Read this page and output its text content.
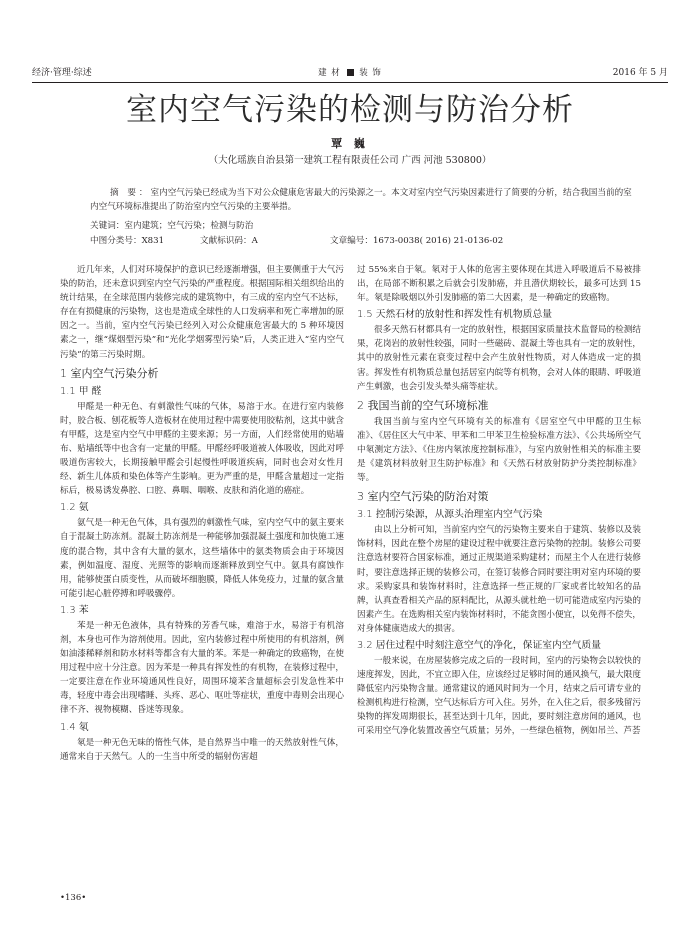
经济·管理·综述	建 材 装 饰	2016 年 5 月
室内空气污染的检测与防治分析
覃 巍
（大化瑶族自治县第一建筑工程有限责任公司 广西 河池 530800）
摘 要：室内空气污染已经成为当下对公众健康危害最大的污染源之一。本文对室内空气污染因素进行了简要的分析，结合我国当前的室内空气环境标准提出了防治室内空气污染的主要举措。
关键词：室内建筑；空气污染；检测与防治
中图分类号：X831	文献标识码：A	文章编号：1673-0038( 2016) 21-0136-02

近几年来，人们对环境保护的意识已经逐渐增强，但主要侧重于大气污染的防治，还未意识到室内空气污染的严重程度。根据国际相关组织给出的统计结果，在全球范围内装修完成的建筑物中，有三成的室内空气不达标，存在有损健康的污染物，这也是造成全球性的人口发病率和死亡率增加的原因之一。当前，室内空气污染已经列入对公众健康危害最大的 5 种环境因素之一，继“煤烟型污染”和“光化学烟雾型污染”后，人类正进入“室内空气污染”的第三污染时期。

1 室内空气污染分析
1.1 甲 醛

甲醛是一种无色、有刺激性气味的气体，易溶于水。在进行室内装修时，胶合板、刨花板等人造板材在使用过程中需要使用胶粘剂，这其中就含有甲醛，这是室内空气中甲醛的主要来源；另一方面，人们经常使用的贴墙布、贴墙纸等中也含有一定量的甲醛。甲醛经呼吸道被人体吸收，因此对呼吸道伤害较大，长期接触甲醛会引起慢性呼吸道疾病，同时也会对女性月经、新生儿体质和染色体等产生影响。更为严重的是，甲醛含量超过一定指标后，极易诱发鼻腔、口腔、鼻咽、咽喉、皮肤和消化道的癌症。

1.2 氨

氨气是一种无色气体，具有强烈的刺激性气味，室内空气中的氨主要来自于混凝土防冻剂。混凝土防冻剂是一种能够加强混凝土强度和加快施工速度的混合物，其中含有大量的氨水，这些墙体中的氨类物质会由于环境因素，例如温度、湿度、光照等的影响而逐渐释放到空气中。氨具有腐蚀作用，能够使蛋白质变性，从而破坏细胞膜，降低人体免疫力，过量的氨含量可能引起心脏停搏和呼吸骤停。

1.3 苯

苯是一种无色液体，具有特殊的芳香气味，难溶于水，易溶于有机溶剂，本身也可作为溶剂使用。因此，室内装修过程中所使用的有机溶剂，例如油漆稀释剂和防水材料等都含有大量的苯。苯是一种确定的致癌物，在使用过程中应十分注意。因为苯是一种具有挥发性的有机物，在装修过程中，一定要注意在作业环境通风性良好，周围环境苯含量超标会引发急性苯中毒，轻度中毒会出现嗜睡、头疼、恶心、呕吐等症状，重度中毒则会出现心律不齐、视物模糊、昏迷等现象。

1.4 氡

氡是一种无色无味的惰性气体，是自然界当中唯一的天然放射性气体，通常来自于天然气。人的一生当中所受的辐射伤害超

过 55%来自于氡。氡对于人体的危害主要体现在其进入呼吸道后不易被排出，在局部不断积累之后就会引发肺癌，并且潜伏期较长，最多可达到 15 年。氡是除吸烟以外引发肺癌的第二大因素，是一种确定的致癌物。

1.5 天然石材的放射性和挥发性有机物质总量

很多天然石材都具有一定的放射性，根据国家质量技术监督局的检测结果，花岗岩的放射性较强，同时一些磁砖、混凝土等也具有一定的放射性，其中的放射性元素在衰变过程中会产生放射性物质，对人体造成一定的损害。挥发性有机物质总量包括居室内皖等有机物，会对人体的眼睛、呼吸道产生刺激，也会引发头晕头痛等症状。

2 我国当前的空气环境标准

我国当前与室内空气环境有关的标准有《居室空气中甲醛的卫生标准》、《居住区大气中苯、甲苯和二甲苯卫生检验标准方法》、《公共场所空气中氡测定方法》、《住房内氡浓度控制标准》，与室内放射性相关的标准主要是《建筑材料放射卫生防护标准》和《天然石材放射防护分类控制标准》等。

3 室内空气污染的防治对策
3.1 控制污染源，从源头治理室内空气污染

由以上分析可知，当前室内空气的污染物主要来自于建筑、装修以及装饰材料，因此在整个房屋的建设过程中就要注意污染物的控制。装修公司要注意选材要符合国家标准，通过正规渠道采购建材；而屋主个人在进行装修时，要注意选择正规的装修公司，在签订装修合同时要注明对室内环境的要求。采购家具和装饰材料时，注意选择一些正规的厂家或者比较知名的品牌，认真查看相关产品的原料配比，从源头就杜绝一切可能造成室内污染的因素产生。在选购相关室内装饰材料时，不能贪图小便宜，以免得不偿失，对身体健康造成大的损害。

3.2 居住过程中时刻注意空气的净化，保证室内空气质量

一般来说，在房屋装修完成之后的一段时间，室内的污染物会以较快的速度挥发，因此，不宜立即入住，应该经过足够时间的通风换气，最大限度降低室内污染物含量。通常建议的通风时间为一个月，结束之后可请专业的检测机构进行检测，空气达标后方可入住。另外，在入住之后，很多残留污染物的挥发周期很长，甚至达到十几年，因此，要时刻注意房间的通风，也可采用空气净化装置改善空气质量；另外，一些绿色植物，例如吊兰、芦荟

•136•
